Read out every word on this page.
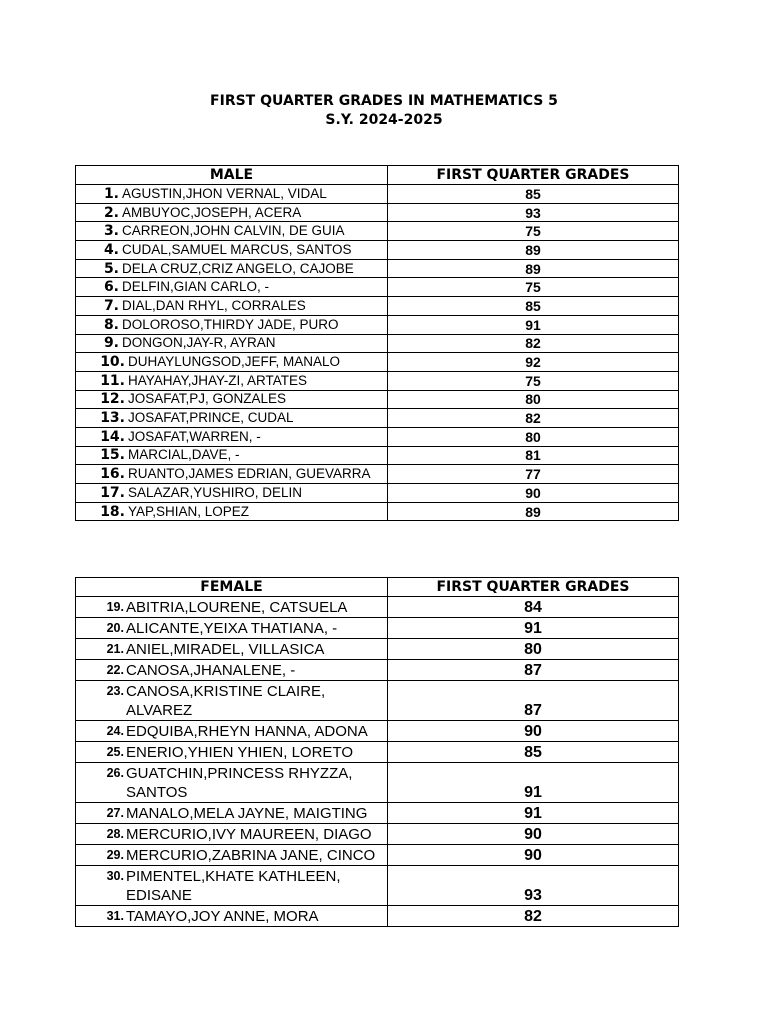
FIRST QUARTER GRADES IN MATHEMATICS 5
S.Y. 2024-2025
MALE	FIRST QUARTER GRADES
1. AGUSTIN,JHON VERNAL, VIDAL	85
2. AMBUYOC,JOSEPH, ACERA	93
3. CARREON,JOHN CALVIN, DE GUIA	75
4. CUDAL,SAMUEL MARCUS, SANTOS	89
5. DELA CRUZ,CRIZ ANGELO, CAJOBE	89
6. DELFIN,GIAN CARLO, -	75
7. DIAL,DAN RHYL, CORRALES	85
8. DOLOROSO,THIRDY JADE, PURO	91
9. DONGON,JAY-R, AYRAN	82
10. DUHAYLUNGSOD,JEFF, MANALO	92
11. HAYAHAY,JHAY-ZI, ARTATES	75
12. JOSAFAT,PJ, GONZALES	80
13. JOSAFAT,PRINCE, CUDAL	82
14. JOSAFAT,WARREN, -	80
15. MARCIAL,DAVE, -	81
16. RUANTO,JAMES EDRIAN, GUEVARRA	77
17. SALAZAR,YUSHIRO, DELIN	90
18. YAP,SHIAN, LOPEZ	89
FEMALE	FIRST QUARTER GRADES

19. ABITRIA,LOURENE, CATSUELA	84

20. ALICANTE,YEIXA THATIANA, -	91

21. ANIEL,MIRADEL, VILLASICA	80

22. CANOSA,JHANALENE, -	87

23. CANOSA,KRISTINE CLAIRE,
ALVAREZ	87

24. EDQUIBA,RHEYN HANNA, ADONA	90

25. ENERIO,YHIEN YHIEN, LORETO	85

26. GUATCHIN,PRINCESS RHYZZA,
SANTOS	91

27. MANALO,MELA JAYNE, MAIGTING	91

28. MERCURIO,IVY MAUREEN, DIAGO	90

29. MERCURIO,ZABRINA JANE, CINCO	90

30. PIMENTEL,KHATE KATHLEEN,
EDISANE	93

31. TAMAYO,JOY ANNE, MORA	82
